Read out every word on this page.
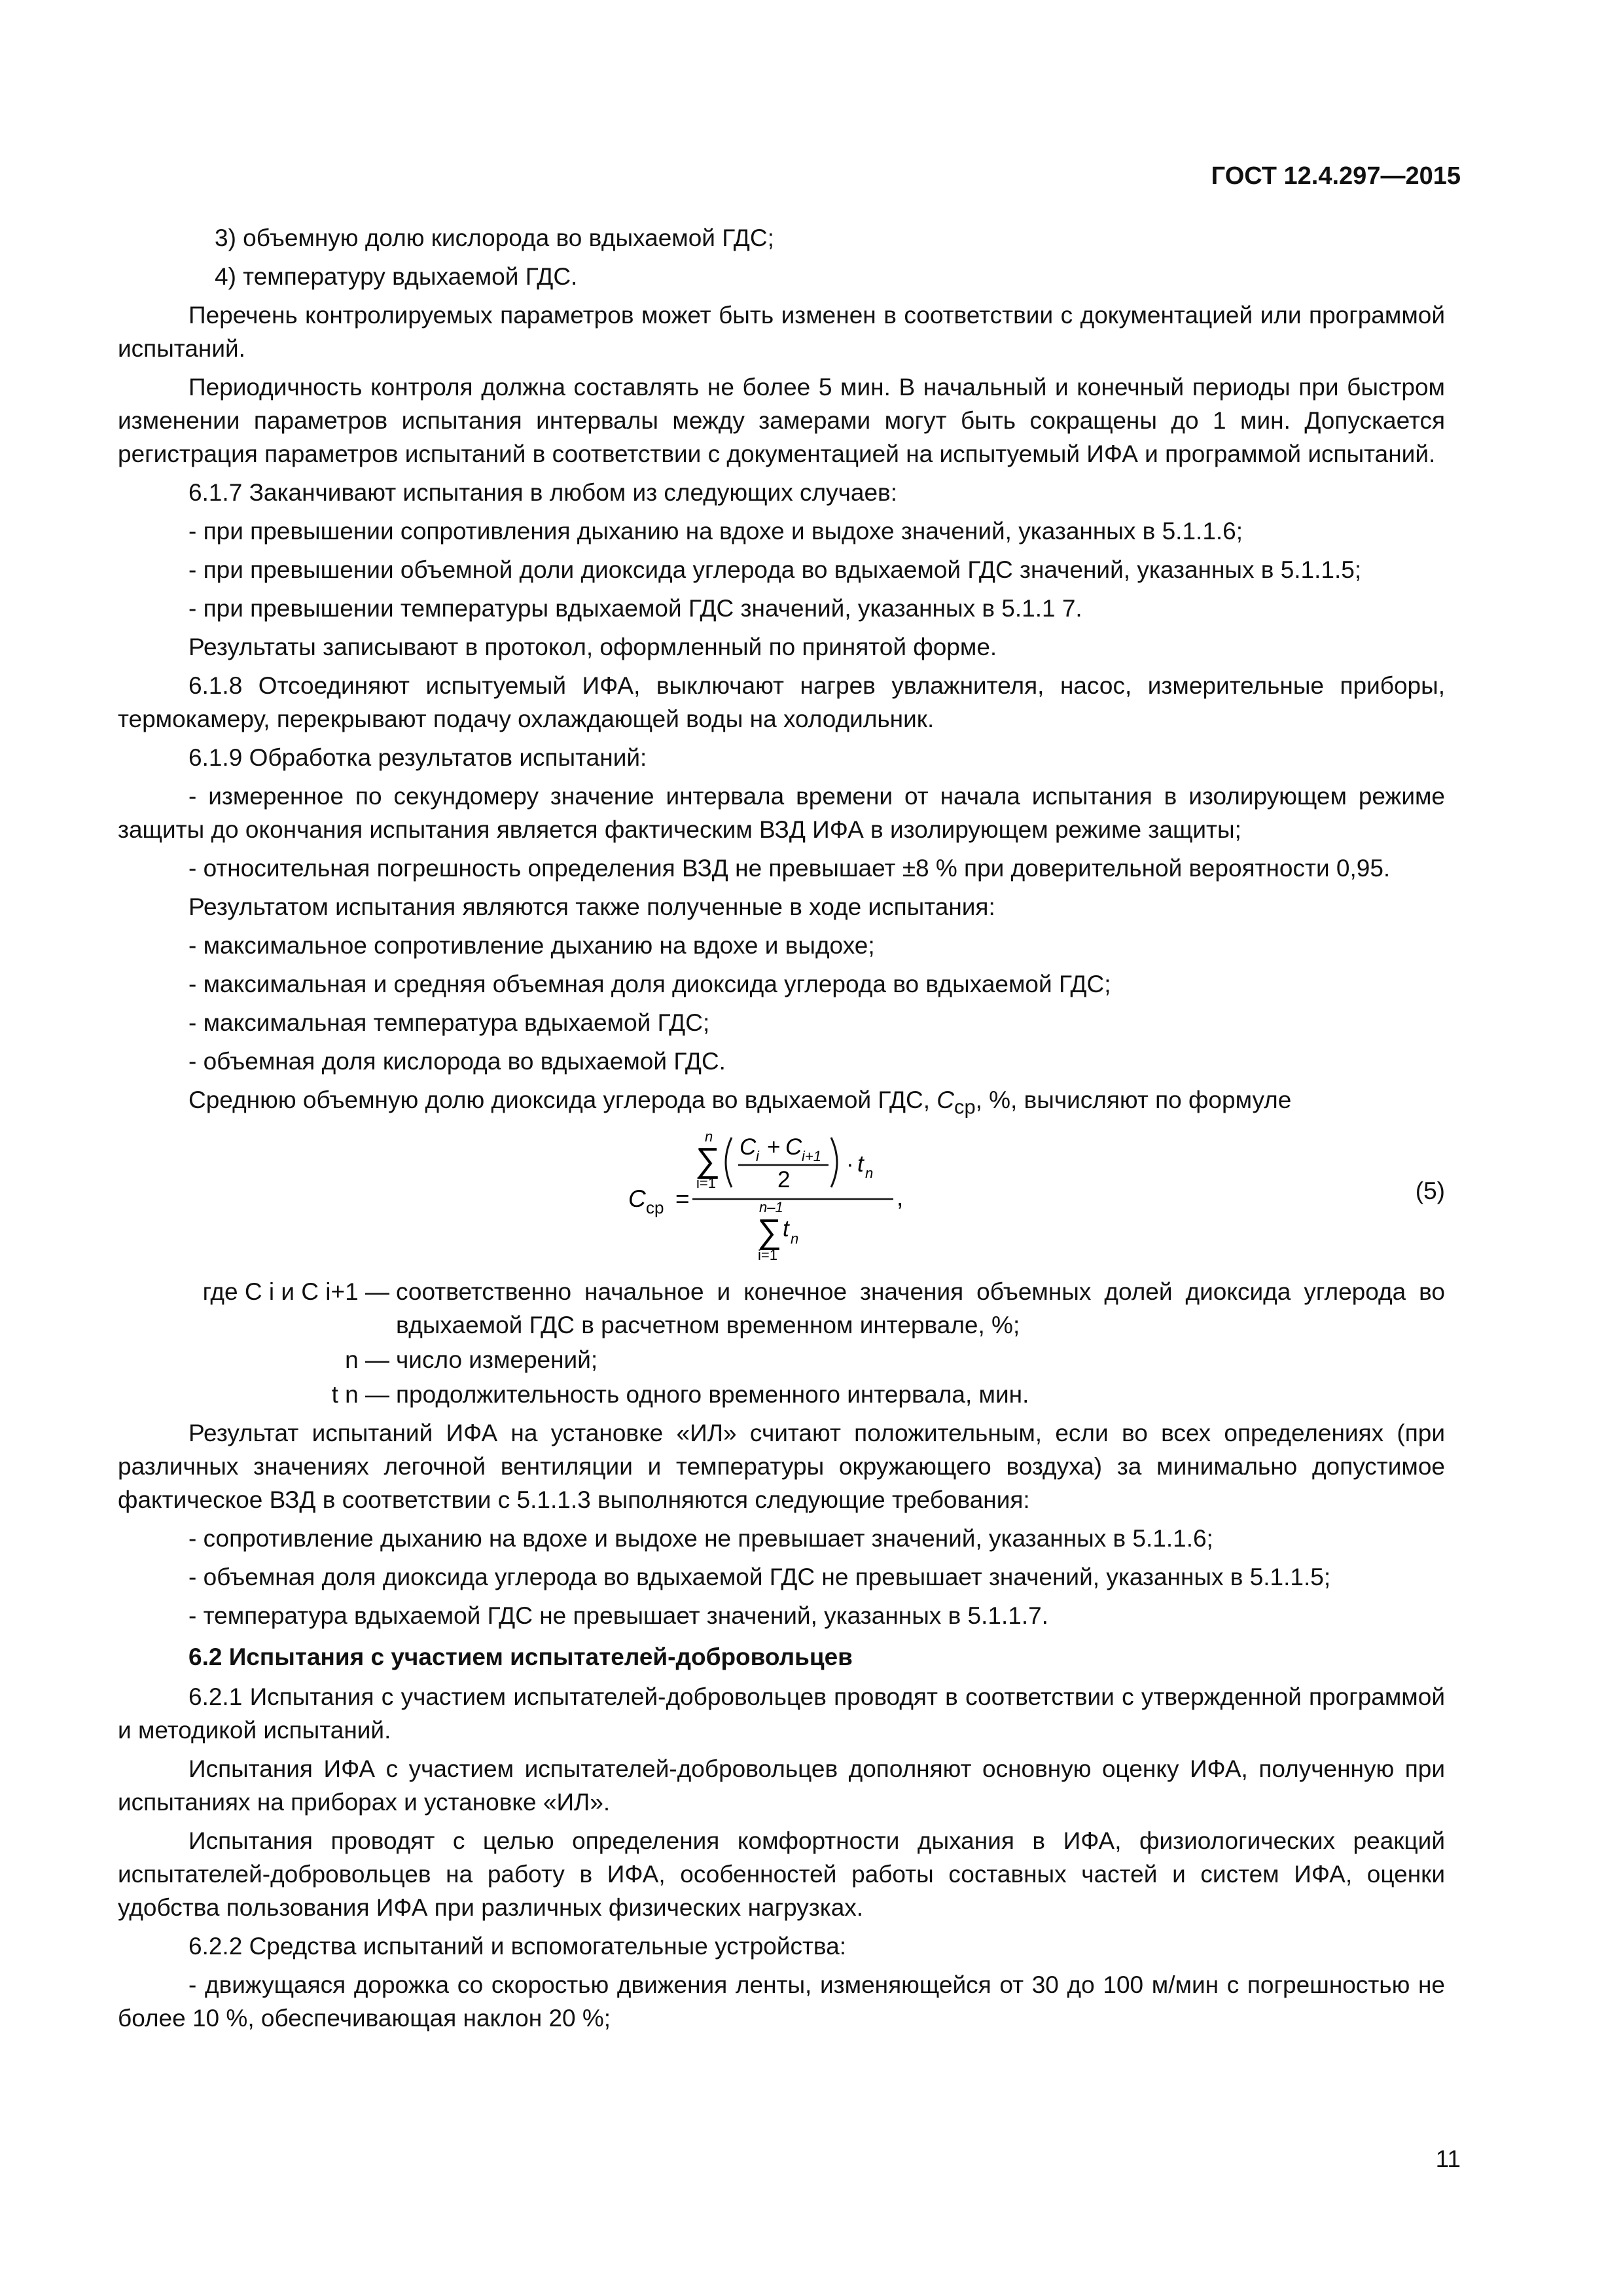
ГОСТ 12.4.297—2015

3) объемную долю кислорода во вдыхаемой ГДС;

4) температуру вдыхаемой ГДС.

Перечень контролируемых параметров может быть изменен в соответствии с документацией или программой испытаний.

Периодичность контроля должна составлять не более 5 мин. В начальный и конечный периоды при быстром изменении параметров испытания интервалы между замерами могут быть сокращены до 1 мин. Допускается регистрация параметров испытаний в соответствии с документацией на испытуемый ИФА и программой испытаний.

6.1.7 Заканчивают испытания в любом из следующих случаев:

- при превышении сопротивления дыханию на вдохе и выдохе значений, указанных в 5.1.1.6;

- при превышении объемной доли диоксида углерода во вдыхаемой ГДС значений, указанных в 5.1.1.5;

- при превышении температуры вдыхаемой ГДС значений, указанных в 5.1.1 7.

Результаты записывают в протокол, оформленный по принятой форме.

6.1.8 Отсоединяют испытуемый ИФА, выключают нагрев увлажнителя, насос, измерительные приборы, термокамеру, перекрывают подачу охлаждающей воды на холодильник.

6.1.9 Обработка результатов испытаний:

- измеренное по секундомеру значение интервала времени от начала испытания в изолирующем режиме защиты до окончания испытания является фактическим ВЗД ИФА в изолирующем режиме защиты;

- относительная погрешность определения ВЗД не превышает ±8 % при доверительной вероятности 0,95.

Результатом испытания являются также полученные в ходе испытания:

- максимальное сопротивление дыханию на вдохе и выдохе;

- максимальная и средняя объемная доля диоксида углерода во вдыхаемой ГДС;

- максимальная температура вдыхаемой ГДС;

- объемная доля кислорода во вдыхаемой ГДС.

Среднюю объемную долю диоксида углерода во вдыхаемой ГДС, $C_{ср}$, %, вычисляют по формуле

C ср =
n
∑
i=1
C i + C i+1
2
· t n
,
n–1
∑
i=1
t n
(5)
где C i и C i+1 — соответственно начальное и конечное значения объемных долей диоксида углерода во вдыхаемой ГДС в расчетном временном интервале, %;
n — число измерений;
t n — продолжительность одного временного интервала, мин.

Результат испытаний ИФА на установке «ИЛ» считают положительным, если во всех определениях (при различных значениях легочной вентиляции и температуры окружающего воздуха) за минимально допустимое фактическое ВЗД в соответствии с 5.1.1.3 выполняются следующие требования:

- сопротивление дыханию на вдохе и выдохе не превышает значений, указанных в 5.1.1.6;

- объемная доля диоксида углерода во вдыхаемой ГДС не превышает значений, указанных в 5.1.1.5;

- температура вдыхаемой ГДС не превышает значений, указанных в 5.1.1.7.

6.2 Испытания с участием испытателей-добровольцев

6.2.1 Испытания с участием испытателей-добровольцев проводят в соответствии с утвержденной программой и методикой испытаний.

Испытания ИФА с участием испытателей-добровольцев дополняют основную оценку ИФА, полученную при испытаниях на приборах и установке «ИЛ».

Испытания проводят с целью определения комфортности дыхания в ИФА, физиологических реакций испытателей-добровольцев на работу в ИФА, особенностей работы составных частей и систем ИФА, оценки удобства пользования ИФА при различных физических нагрузках.

6.2.2 Средства испытаний и вспомогательные устройства:

- движущаяся дорожка со скоростью движения ленты, изменяющейся от 30 до 100 м/мин с погрешностью не более 10 %, обеспечивающая наклон 20 %;

11
